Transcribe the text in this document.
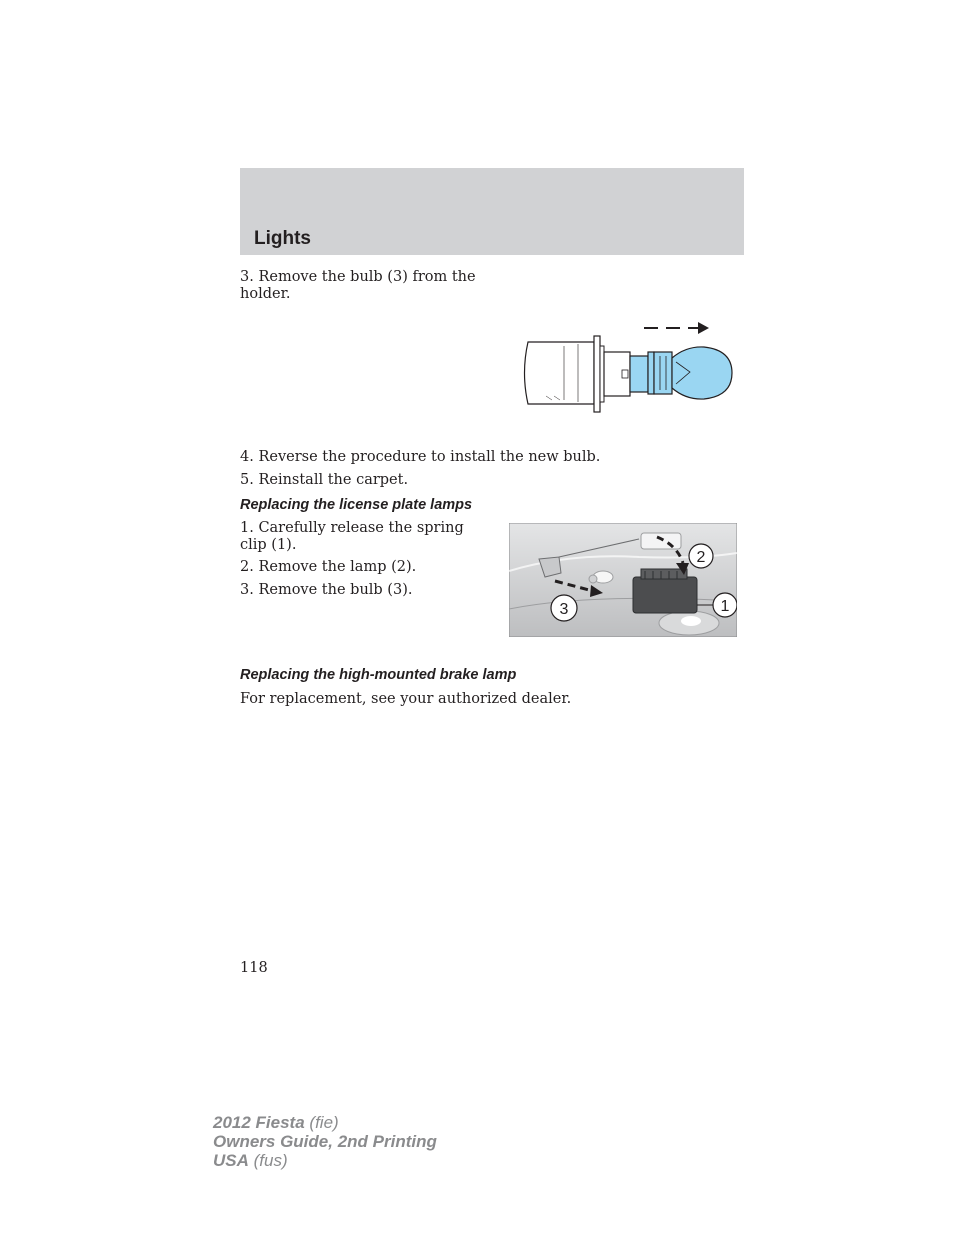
Lights
3. Remove the bulb (3) from the holder.
4. Reverse the procedure to install the new bulb.
5. Reinstall the carpet.
Replacing the license plate lamps
1. Carefully release the spring clip (1).
2. Remove the lamp (2).
3. Remove the bulb (3).
2
1
3
Replacing the high-mounted brake lamp
For replacement, see your authorized dealer.
118
2012 Fiesta (fie)
Owners Guide, 2nd Printing
USA (fus)
